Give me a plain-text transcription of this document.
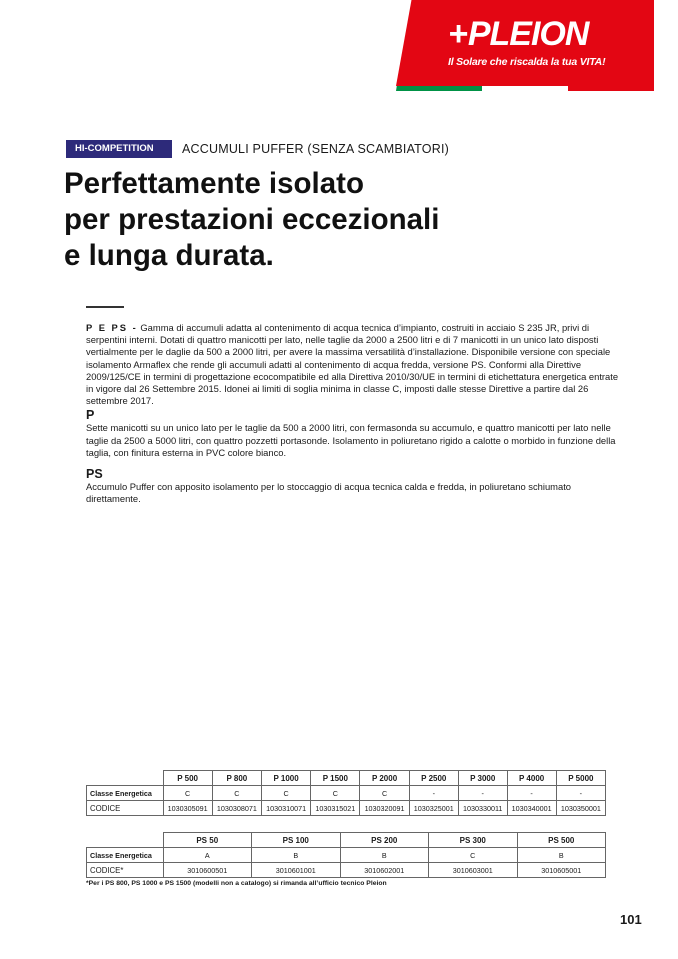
+ PLEION
Il Solare che riscalda la tua VITA!
HI-COMPETITION	ACCUMULI PUFFER (SENZA SCAMBIATORI)
Perfettamente isolato
per prestazioni eccezionali
e lunga durata.

P E PS - Gamma di accumuli adatta al contenimento di acqua tecnica d’impianto, costruiti in acciaio S 235 JR, privi di serpentini interni. Dotati di quattro manicotti per lato, nelle taglie da 2000 a 2500 litri e di 7 manicotti in un unico lato disposti vertialmente per le daglie da 500 a 2000 litri, per avere la massima versatilità d’installazione. Disponibile versione con speciale isolamento Armaflex che rende gli accumuli adatti al contenimento di acqua fredda, versione PS. Conformi alla Direttive 2009/125/CE in termini di progettazione ecocompatibile ed alla Direttiva 2010/30/UE in termini di etichettatura energetica entrate in vigore dal 26 Settembre 2015. Idonei ai limiti di soglia minima in classe C, imposti dalle stesse Direttive a partire dal 26 settembre 2017.

P

Sette manicotti su un unico lato per le taglie da 500 a 2000 litri, con fermasonda su accumulo, e quattro manicotti per lato nelle taglie da 2500 a 5000 litri, con quattro pozzetti portasonde. Isolamento in poliuretano rigido a calotte o morbido in funzione della taglia, con finitura esterna in PVC colore bianco.

PS

Accumulo Puffer con apposito isolamento per lo stoccaggio di acqua tecnica calda e fredda, in poliuretano schiumato direttamente.

	P 500	P 800	P 1000	P 1500	P 2000	P 2500	P 3000	P 4000	P 5000
Classe Energetica	C	C	C	C	C	-	-	-	-
CODICE	1030305091	1030308071	1030310071	1030315021	1030320091	1030325001	1030330011	1030340001	1030350001
	PS 50	PS 100	PS 200	PS 300	PS 500
Classe Energetica	A	B	B	C	B
CODICE*	3010600501	3010601001	3010602001	3010603001	3010605001
*Per i PS 800, PS 1000 e PS 1500 (modelli non a catalogo) si rimanda all’ufficio tecnico Pleion
101
